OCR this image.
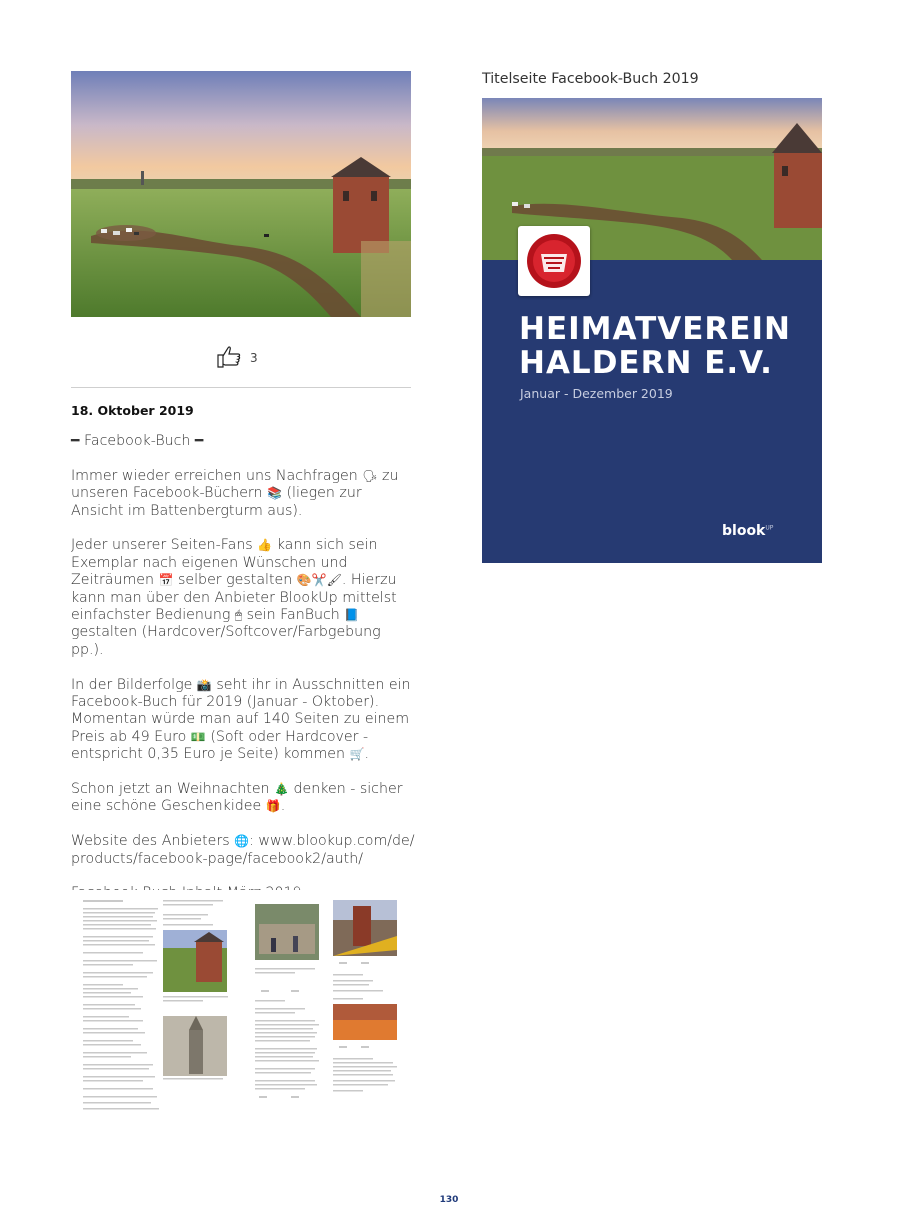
3
18. Oktober 2019

━ Facebook-Buch ━

Immer wieder erreichen uns Nachfragen 🗣 zu unseren Facebook-Büchern 📚 (liegen zur Ansicht im Battenbergturm aus).

Jeder unserer Seiten-Fans 👍 kann sich sein Exemplar nach eigenen Wünschen und Zeiträumen 📅 selber gestalten 🎨✂️🖌. Hierzu kann man über den Anbieter BlookUp mittelst einfachster Bedienung 🖱 sein FanBuch 📘 gestalten (Hardcover/Softcover/Farbgebung pp.).

In der Bilderfolge 📸 seht ihr in Ausschnitten ein Facebook-Buch für 2019 (Januar - Oktober). Momentan würde man auf 140 Seiten zu einem Preis ab 49 Euro 💵 (Soft oder Hardcover - entspricht 0,35 Euro je Seite) kommen 🛒.

Schon jetzt an Weihnachten 🎄 denken - sicher eine schöne Geschenkidee 🎁.

Website des Anbieters 🌐: www.blookup.com/de/products/facebook-page/facebook2/auth/

Titelseite Facebook-Buch 2019
HEIMATVEREIN
HALDERN E.V.
Januar - Dezember 2019
blook$^{UP}$
130
